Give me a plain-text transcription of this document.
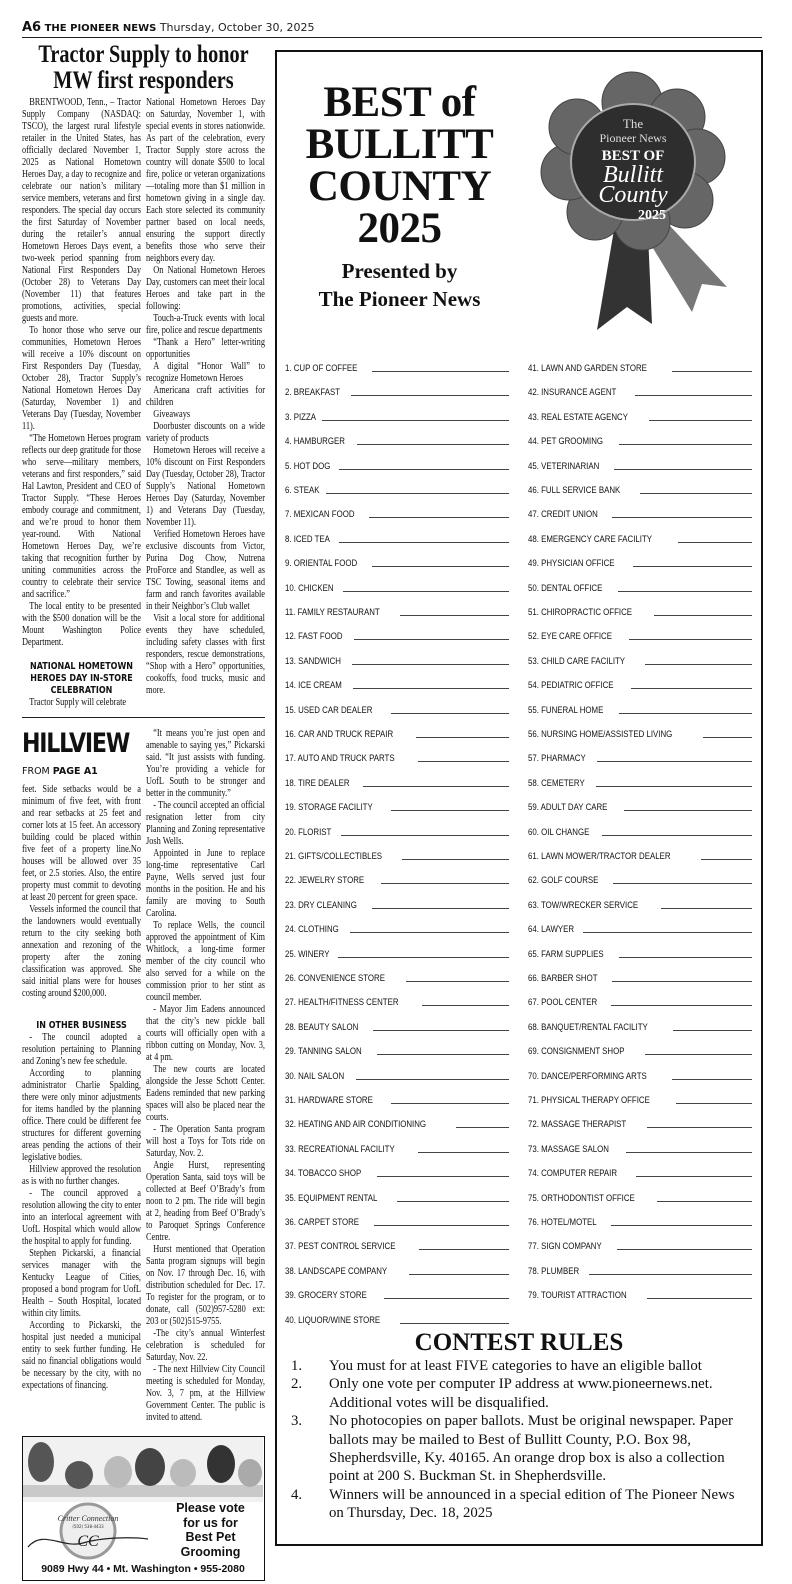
A6 THE PIONEER NEWS Thursday, October 30, 2025
Tractor Supply to honor MW first responders

BRENTWOOD, Tenn., – Tractor Supply Company (NASDAQ: TSCO), the largest rural lifestyle retailer in the United States, has officially declared November 1, 2025 as National Hometown Heroes Day, a day to recognize and celebrate our nation’s military service members, veterans and first responders. The special day occurs the first Saturday of November during the retailer’s annual Hometown Heroes Days event, a two-week period spanning from National First Responders Day (October 28) to Veterans Day (November 11) that features promotions, activities, special guests and more.

To honor those who serve our communities, Hometown Heroes will receive a 10% discount on First Responders Day (Tuesday, October 28), Tractor Supply’s National Hometown Heroes Day (Saturday, November 1) and Veterans Day (Tuesday, November 11).

“The Hometown Heroes program reflects our deep gratitude for those who serve—military members, veterans and first responders,” said Hal Lawton, President and CEO of Tractor Supply. “These Heroes embody courage and commitment, and we’re proud to honor them year-round. With National Hometown Heroes Day, we’re taking that recognition further by uniting communities across the country to celebrate their service and sacrifice.”

The local entity to be presented with the $500 donation will be the Mount Washington Police Department.

NATIONAL HOMETOWN HEROES DAY IN-STORE CELEBRATION

Tractor Supply will celebrate

National Hometown Heroes Day on Saturday, November 1, with special events in stores nationwide. As part of the celebration, every Tractor Supply store across the country will donate $500 to local fire, police or veteran organizations—totaling more than $1 million in hometown giving in a single day. Each store selected its community partner based on local needs, ensuring the support directly benefits those who serve their neighbors every day.

On National Hometown Heroes Day, customers can meet their local Heroes and take part in the following:

Touch-a-Truck events with local fire, police and rescue departments

“Thank a Hero” letter-writing opportunities

A digital “Honor Wall” to recognize Hometown Heroes

Americana craft activities for children

Giveaways

Doorbuster discounts on a wide variety of products

Hometown Heroes will receive a 10% discount on First Responders Day (Tuesday, October 28), Tractor Supply’s National Hometown Heroes Day (Saturday, November 1) and Veterans Day (Tuesday, November 11).

Verified Hometown Heroes have exclusive discounts from Victor, Purina Dog Chow, Nutrena ProForce and Standlee, as well as TSC Towing, seasonal items and farm and ranch favorites available in their Neighbor’s Club wallet

Visit a local store for additional events they have scheduled, including safety classes with first responders, rescue demonstrations, “Shop with a Hero” opportunities, cookoffs, food trucks, music and more.

HILLVIEW
FROM PAGE A1

feet. Side setbacks would be a minimum of five feet, with front and rear setbacks at 25 feet and corner lots at 15 feet. An accessory building could be placed within five feet of a property line.No houses will be allowed over 35 feet, or 2.5 stories. Also, the entire property must commit to devoting at least 20 percent for green space.

Vessels informed the council that the landowners would eventually return to the city seeking both annexation and rezoning of the property after the zoning classification was approved. She said initial plans were for houses costing around $200,000.

IN OTHER BUSINESS

- The council adopted a resolution pertaining to Planning and Zoning’s new fee schedule.

According to planning administrator Charlie Spalding, there were only minor adjustments for items handled by the planning office. There could be different fee structures for different governing areas pending the actions of their legislative bodies.

Hillview approved the resolution as is with no further changes.

- The council approved a resolution allowing the city to enter into an interlocal agreement with UofL Hospital which would allow the hospital to apply for funding.

Stephen Pickarski, a financial services manager with the Kentucky League of Cities, proposed a bond program for UofL Health – South Hospital, located within city limits.

According to Pickarski, the hospital just needed a municipal entity to seek further funding. He said no financial obligations would be necessary by the city, with no expectations of financing.

“It means you’re just open and amenable to saying yes,” Pickarski said. “It just assists with funding. You’re providing a vehicle for UofL South to be stronger and better in the community.”

- The council accepted an official resignation letter from city Planning and Zoning representative Josh Wells.

Appointed in June to replace long-time representative Carl Payne, Wells served just four months in the position. He and his family are moving to South Carolina.

To replace Wells, the council approved the appointment of Kim Whitlock, a long-time former member of the city council who also served for a while on the commission prior to her stint as council member.

- Mayor Jim Eadens announced that the city’s new pickle ball courts will officially open with a ribbon cutting on Monday, Nov. 3, at 4 pm.

The new courts are located alongside the Jesse Schott Center. Eadens reminded that new parking spaces will also be placed near the courts.

- The Operation Santa program will host a Toys for Tots ride on Saturday, Nov. 2.

Angie Hurst, representing Operation Santa, said toys will be collected at Beef O’Brady’s from noon to 2 pm. The ride will begin at 2, heading from Beef O’Brady’s to Paroquet Springs Conference Centre.

Hurst mentioned that Operation Santa program signups will begin on Nov. 17 through Dec. 16, with distribution scheduled for Dec. 17. To register for the program, or to donate, call (502)957-5280 ext: 203 or (502)515-9755.

-The city’s annual Winterfest celebration is scheduled for Saturday, Nov. 22.

- The next Hillview City Council meeting is scheduled for Monday, Nov. 3, 7 pm, at the Hillview Government Center. The public is invited to attend.

Critter Connection
(502) 538-4433
CC
Please vote
for us for
Best Pet
Grooming
9089 Hwy 44 • Mt. Washington • 955-2080
BEST of
BULLITT
COUNTY
2025
Presented by
The Pioneer News
The
Pioneer News
BEST OF
Bullitt
County
2025
1. CUP OF COFFEE
2. BREAKFAST
3. PIZZA
4. HAMBURGER
5. HOT DOG
6. STEAK
7. MEXICAN FOOD
8. ICED TEA
9. ORIENTAL FOOD
10. CHICKEN
11. FAMILY RESTAURANT
12. FAST FOOD
13. SANDWICH
14. ICE CREAM
15. USED CAR DEALER
16. CAR AND TRUCK REPAIR
17. AUTO AND TRUCK PARTS
18. TIRE DEALER
19. STORAGE FACILITY
20. FLORIST
21. GIFTS/COLLECTIBLES
22. JEWELRY STORE
23. DRY CLEANING
24. CLOTHING
25. WINERY
26. CONVENIENCE STORE
27. HEALTH/FITNESS CENTER
28. BEAUTY SALON
29. TANNING SALON
30. NAIL SALON
31. HARDWARE STORE
32. HEATING AND AIR CONDITIONING
33. RECREATIONAL FACILITY
34. TOBACCO SHOP
35. EQUIPMENT RENTAL
36. CARPET STORE
37. PEST CONTROL SERVICE
38. LANDSCAPE COMPANY
39. GROCERY STORE
40. LIQUOR/WINE STORE
41. LAWN AND GARDEN STORE
42. INSURANCE AGENT
43. REAL ESTATE AGENCY
44. PET GROOMING
45. VETERINARIAN
46. FULL SERVICE BANK
47. CREDIT UNION
48. EMERGENCY CARE FACILITY
49. PHYSICIAN OFFICE
50. DENTAL OFFICE
51. CHIROPRACTIC OFFICE
52. EYE CARE OFFICE
53. CHILD CARE FACILITY
54. PEDIATRIC OFFICE
55. FUNERAL HOME
56. NURSING HOME/ASSISTED LIVING
57. PHARMACY
58. CEMETERY
59. ADULT DAY CARE
60. OIL CHANGE
61. LAWN MOWER/TRACTOR DEALER
62. GOLF COURSE
63. TOW/WRECKER SERVICE
64. LAWYER
65. FARM SUPPLIES
66. BARBER SHOT
67. POOL CENTER
68. BANQUET/RENTAL FACILITY
69. CONSIGNMENT SHOP
70. DANCE/PERFORMING ARTS
71. PHYSICAL THERAPY OFFICE
72. MASSAGE THERAPIST
73. MASSAGE SALON
74. COMPUTER REPAIR
75. ORTHODONTIST OFFICE
76. HOTEL/MOTEL
77. SIGN COMPANY
78. PLUMBER
79. TOURIST ATTRACTION
CONTEST RULES
1.	You must for at least FIVE categories to have an eligible ballot
2.	Only one vote per computer IP address at www.pioneernews.net. Additional votes will be disqualified.
3.	No photocopies on paper ballots. Must be original newspaper. Paper ballots may be mailed to Best of Bullitt County, P.O. Box 98, Shepherdsville, Ky. 40165. An orange drop box is also a collection point at 200 S. Buckman St. in Shepherdsville.
4.	Winners will be announced in a special edition of The Pioneer News on Thursday, Dec. 18, 2025
